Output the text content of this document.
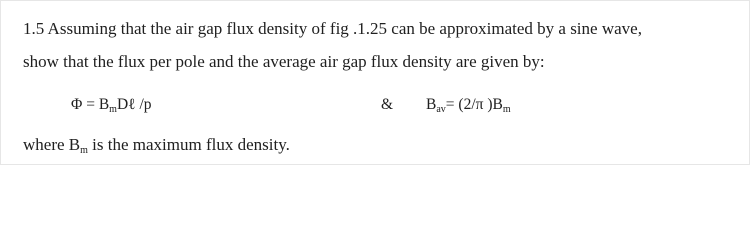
1.5 Assuming that the air gap flux density of fig .1.25 can be approximated by a sine wave,
show that the flux per pole and the average air gap flux density are given by:
$\Phi = B_mD\ell$ /p	& $B_{av}= (2/\pi$ )$B_m$
where $B_m$ is the maximum flux density.
